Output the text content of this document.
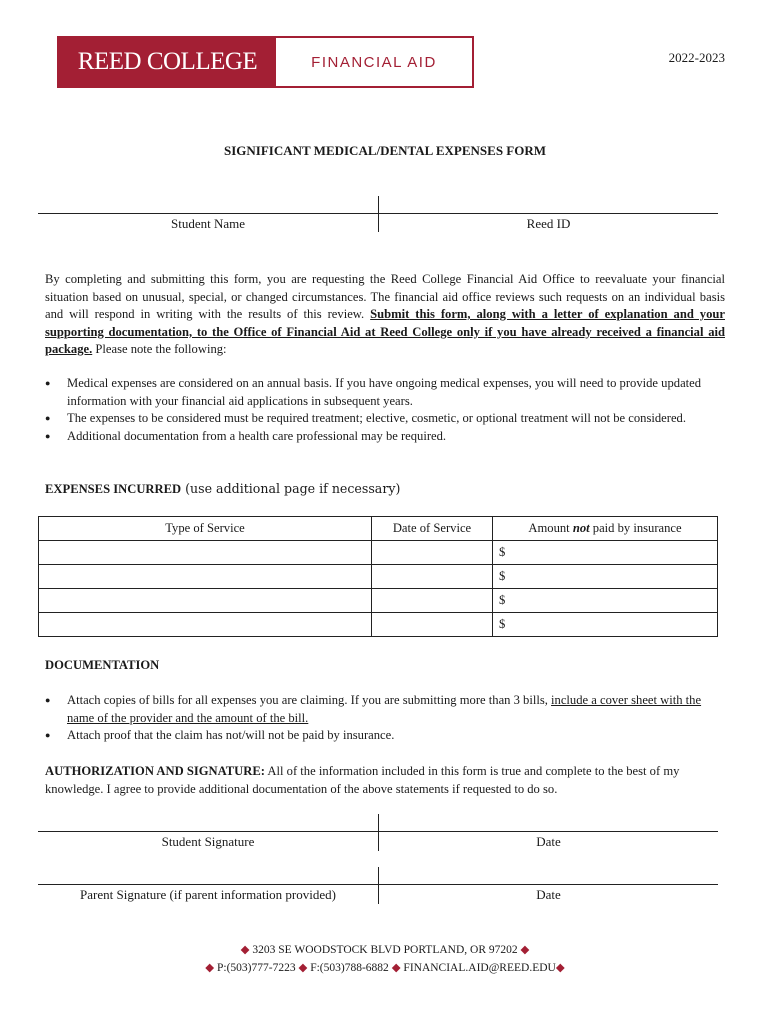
REED COLLEGE	FINANCIAL AID	2022-2023
SIGNIFICANT MEDICAL/DENTAL EXPENSES FORM
Student Name	Reed ID
By completing and submitting this form, you are requesting the Reed College Financial Aid Office to reevaluate your financial situation based on unusual, special, or changed circumstances. The financial aid office reviews such requests on an individual basis and will respond in writing with the results of this review. Submit this form, along with a letter of explanation and your supporting documentation, to the Office of Financial Aid at Reed College only if you have already received a financial aid package. Please note the following:
● Medical expenses are considered on an annual basis. If you have ongoing medical expenses, you will need to provide updated information with your financial aid applications in subsequent years.
● The expenses to be considered must be required treatment; elective, cosmetic, or optional treatment will not be considered.
● Additional documentation from a health care professional may be required.
EXPENSES INCURRED (use additional page if necessary)
Type of Service	Date of Service	Amount not paid by insurance
		$
		$
		$
		$
DOCUMENTATION
● Attach copies of bills for all expenses you are claiming. If you are submitting more than 3 bills, include a cover sheet with the name of the provider and the amount of the bill.
● Attach proof that the claim has not/will not be paid by insurance.
AUTHORIZATION AND SIGNATURE: All of the information included in this form is true and complete to the best of my knowledge. I agree to provide additional documentation of the above statements if requested to do so.
Student Signature	Date
Parent Signature (if parent information provided)	Date
◆ 3203 SE WOODSTOCK BLVD PORTLAND, OR 97202 ◆
◆ P:(503)777-7223 ◆ F:(503)788-6882 ◆ FINANCIAL.AID@REED.EDU◆
